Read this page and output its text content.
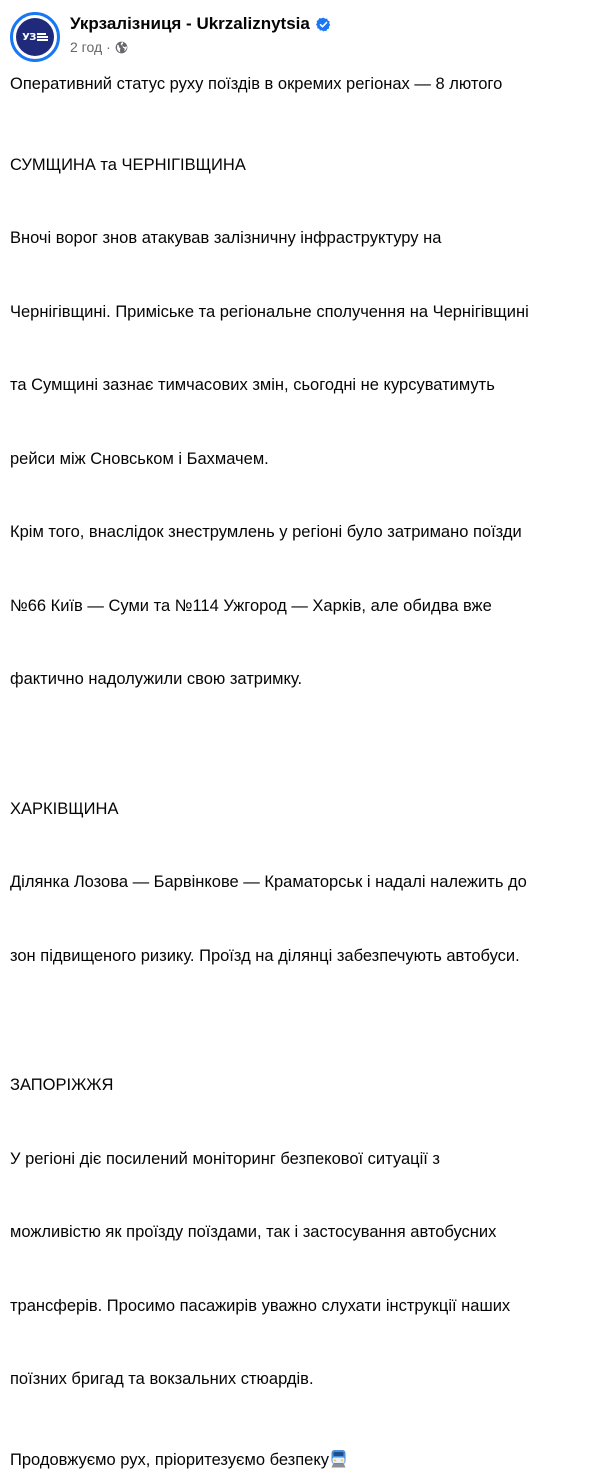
УЗ
Укрзалізниця - Ukrzaliznytsia
2 год ·

Оперативний статус руху поїздів в окремих регіонах — 8 лютого

СУМЩИНА та ЧЕРНІГІВЩИНА

Вночі ворог знов атакував залізничну інфраструктуру на

Чернігівщині. Приміське та регіональне сполучення на Чернігівщині

та Сумщині зазнає тимчасових змін, сьогодні не курсуватимуть

рейси між Сновськом і Бахмачем.

Крім того, внаслідок знеструмлень у регіоні було затримано поїзди

№66 Київ — Суми та №114 Ужгород — Харків, але обидва вже

фактично надолужили свою затримку.

ХАРКІВЩИНА

Ділянка Лозова — Барвінкове — Краматорськ і надалі належить до

зон підвищеного ризику. Проїзд на ділянці забезпечують автобуси.

ЗАПОРІЖЖЯ

У регіоні діє посилений моніторинг безпекової ситуації з

можливістю як проїзду поїздами, так і застосування автобусних

трансферів. Просимо пасажирів уважно слухати інструкції наших

поїзних бригад та вокзальних стюардів.

Продовжуємо рух, пріоритезуємо безпеку
